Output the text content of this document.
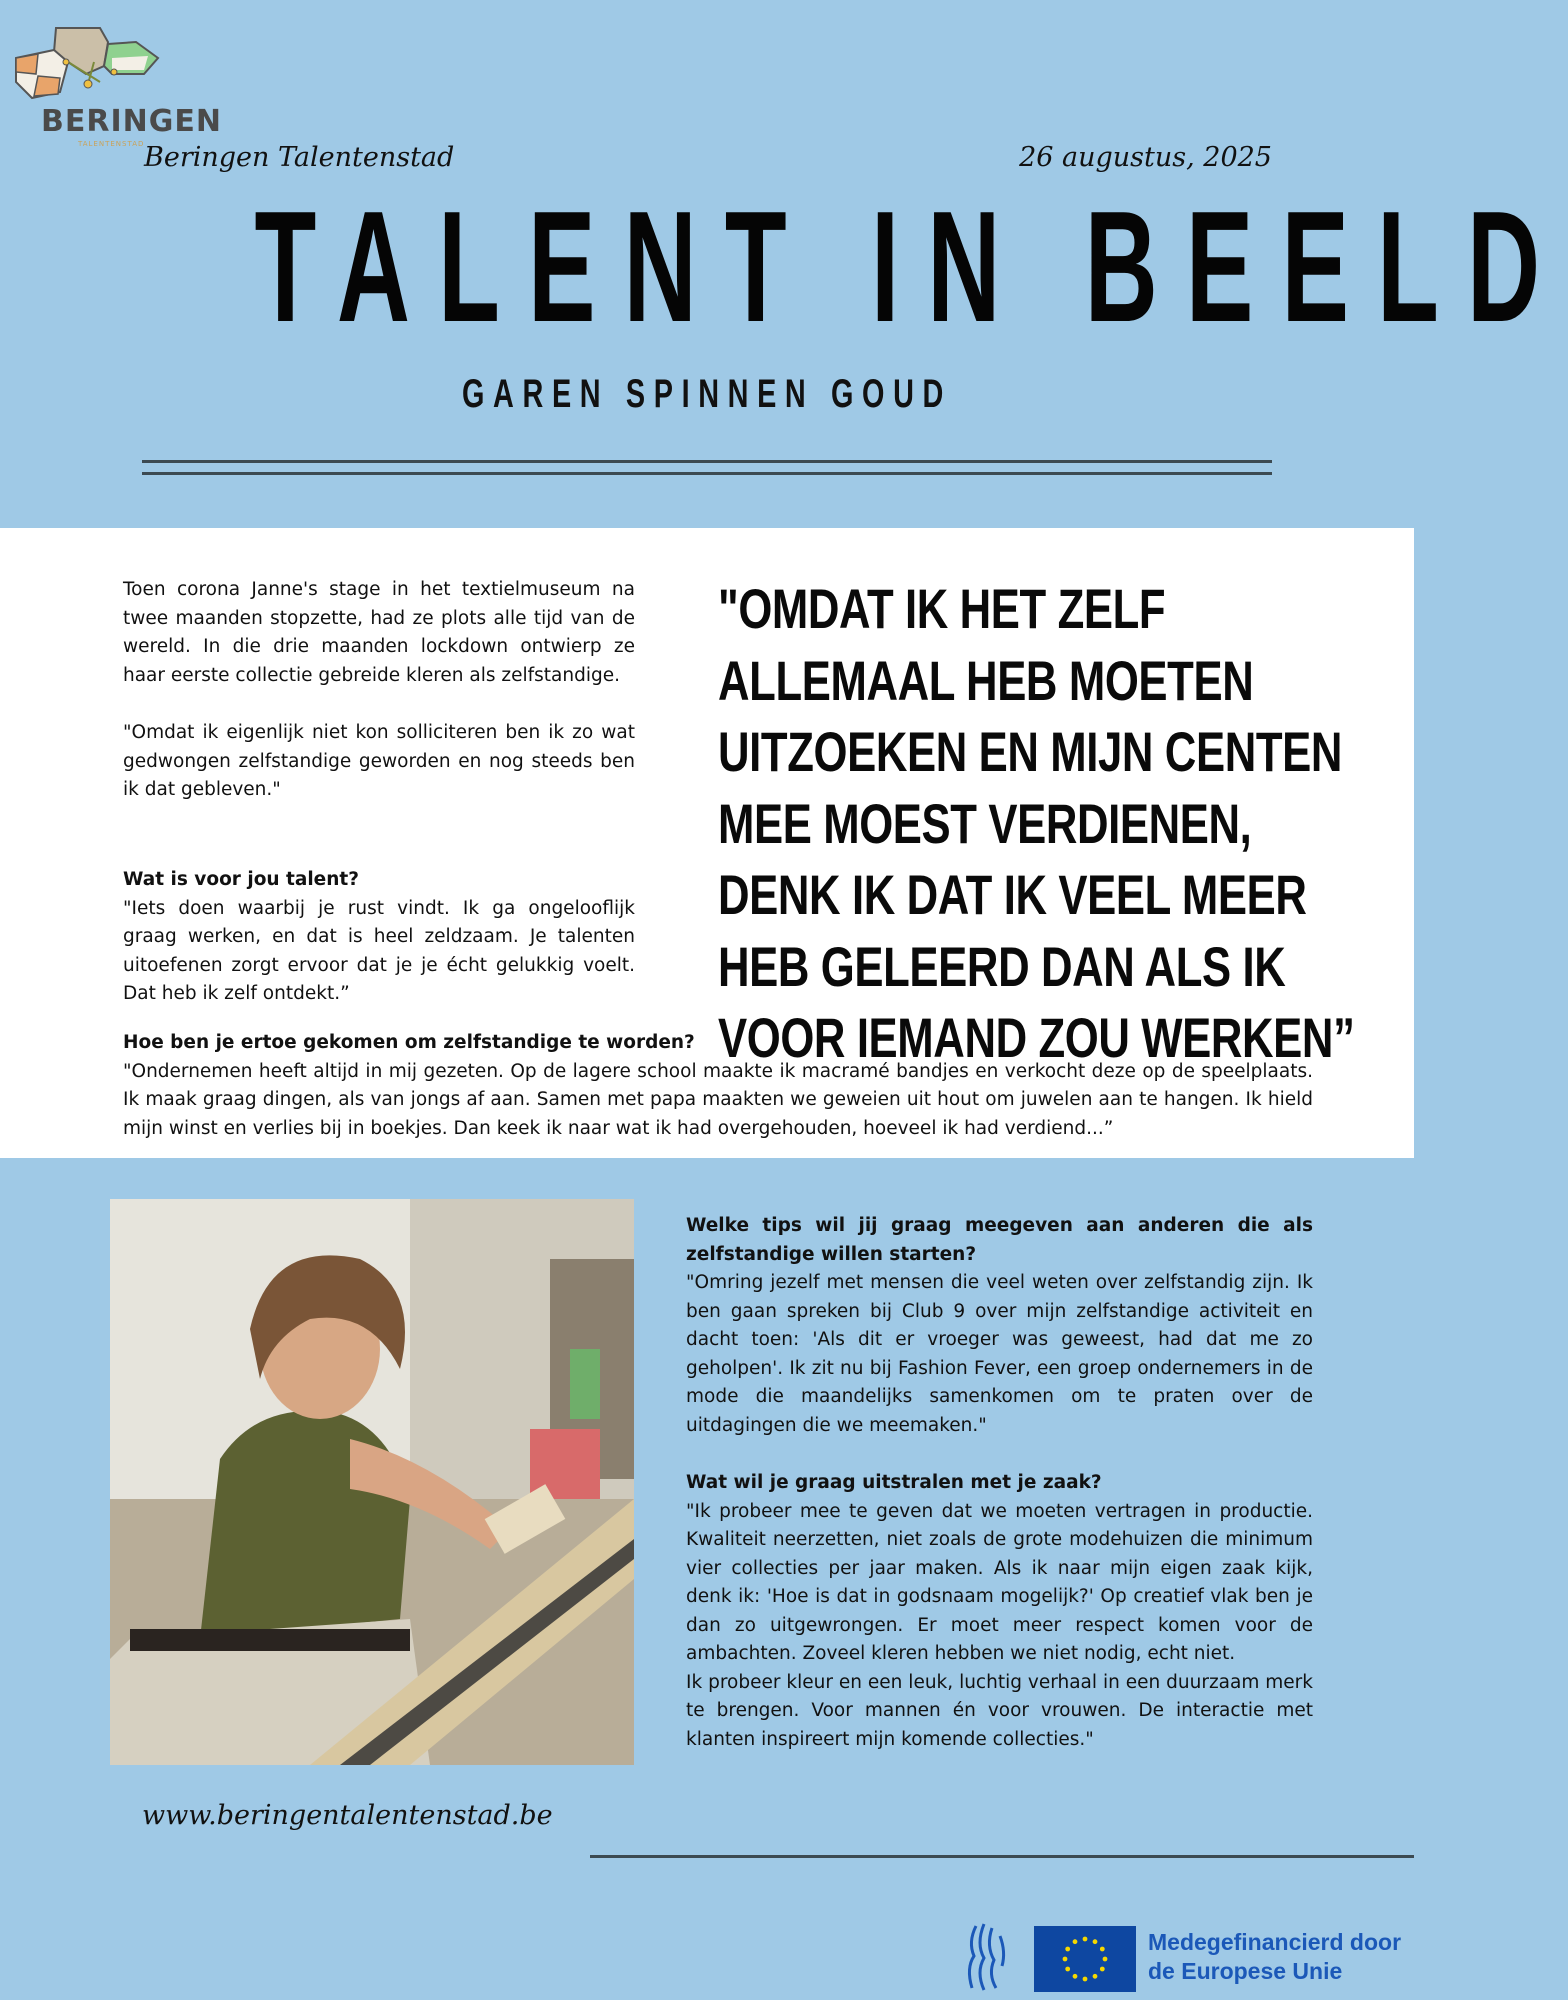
BERINGEN
TALENTENSTAD Beringen Talentenstad	26 augustus, 2025
TALENT IN BEELD
GAREN SPINNEN GOUD

Toen corona Janne's stage in het textielmuseum na twee maanden stopzette, had ze plots alle tijd van de wereld. In die drie maanden lockdown ontwierp ze haar eerste collectie gebreide kleren als zelfstandige.

"Omdat ik eigenlijk niet kon solliciteren ben ik zo wat gedwongen zelfstandige geworden en nog steeds ben ik dat gebleven."

Wat is voor jou talent?

"Iets doen waarbij je rust vindt. Ik ga ongelooflijk graag werken, en dat is heel zeldzaam. Je talenten uitoefenen zorgt ervoor dat je je écht gelukkig voelt. Dat heb ik zelf ontdekt.”

"OMDAT IK HET ZELF ALLEMAAL HEB MOETEN UITZOEKEN EN MIJN CENTEN MEE MOEST VERDIENEN, DENK IK DAT IK VEEL MEER HEB GELEERD DAN ALS IK VOOR IEMAND ZOU WERKEN”

Hoe ben je ertoe gekomen om zelfstandige te worden?

"Ondernemen heeft altijd in mij gezeten. Op de lagere school maakte ik macramé bandjes en verkocht deze op de speelplaats. Ik maak graag dingen, als van jongs af aan. Samen met papa maakten we geweien uit hout om juwelen aan te hangen. Ik hield mijn winst en verlies bij in boekjes. Dan keek ik naar wat ik had overgehouden, hoeveel ik had verdiend...”

Welke tips wil jij graag meegeven aan anderen die als zelfstandige willen starten?

"Omring jezelf met mensen die veel weten over zelfstandig zijn. Ik ben gaan spreken bij Club 9 over mijn zelfstandige activiteit en dacht toen: 'Als dit er vroeger was geweest, had dat me zo geholpen'. Ik zit nu bij Fashion Fever, een groep ondernemers in de mode die maandelijks samenkomen om te praten over de uitdagingen die we meemaken."

Wat wil je graag uitstralen met je zaak?

"Ik probeer mee te geven dat we moeten vertragen in productie. Kwaliteit neerzetten, niet zoals de grote modehuizen die minimum vier collecties per jaar maken. Als ik naar mijn eigen zaak kijk, denk ik: 'Hoe is dat in godsnaam mogelijk?' Op creatief vlak ben je dan zo uitgewrongen. Er moet meer respect komen voor de ambachten. Zoveel kleren hebben we niet nodig, echt niet.

Ik probeer kleur en een leuk, luchtig verhaal in een duurzaam merk te brengen. Voor mannen én voor vrouwen. De interactie met klanten inspireert mijn komende collecties."

www.beringentalentenstad.be
Medegefinancierd door
de Europese Unie
